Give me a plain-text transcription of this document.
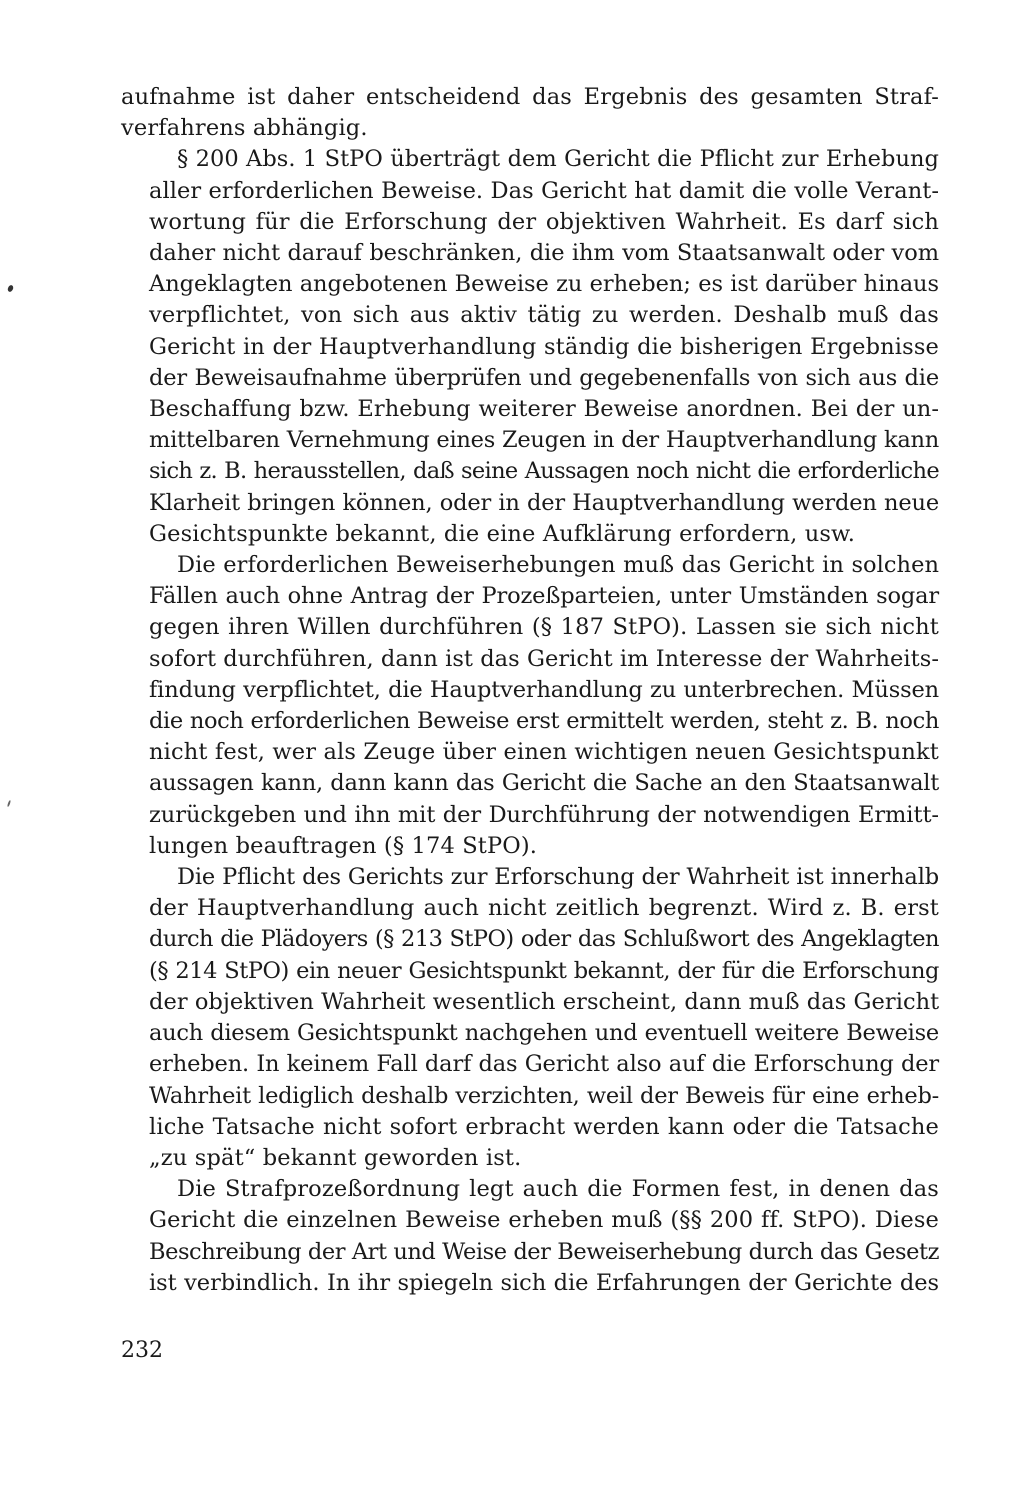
aufnahme ist daher entscheidend das Ergebnis des gesamten Straf-
verfahrens abhängig.
§ 200 Abs. 1 StPO überträgt dem Gericht die Pflicht zur Erhebung
aller erforderlichen Beweise. Das Gericht hat damit die volle Verant-
wortung für die Erforschung der objektiven Wahrheit. Es darf sich
daher nicht darauf beschränken, die ihm vom Staatsanwalt oder vom
Angeklagten angebotenen Beweise zu erheben; es ist darüber hinaus
verpflichtet, von sich aus aktiv tätig zu werden. Deshalb muß das
Gericht in der Hauptverhandlung ständig die bisherigen Ergebnisse
der Beweisaufnahme überprüfen und gegebenenfalls von sich aus die
Beschaffung bzw. Erhebung weiterer Beweise anordnen. Bei der un-
mittelbaren Vernehmung eines Zeugen in der Hauptverhandlung kann
sich z. B. herausstellen, daß seine Aussagen noch nicht die erforderliche
Klarheit bringen können, oder in der Hauptverhandlung werden neue
Gesichtspunkte bekannt, die eine Aufklärung erfordern, usw.
Die erforderlichen Beweiserhebungen muß das Gericht in solchen
Fällen auch ohne Antrag der Prozeßparteien, unter Umständen sogar
gegen ihren Willen durchführen (§ 187 StPO). Lassen sie sich nicht
sofort durchführen, dann ist das Gericht im Interesse der Wahrheits-
findung verpflichtet, die Hauptverhandlung zu unterbrechen. Müssen
die noch erforderlichen Beweise erst ermittelt werden, steht z. B. noch
nicht fest, wer als Zeuge über einen wichtigen neuen Gesichtspunkt
aussagen kann, dann kann das Gericht die Sache an den Staatsanwalt
zurückgeben und ihn mit der Durchführung der notwendigen Ermitt-
lungen beauftragen (§ 174 StPO).
Die Pflicht des Gerichts zur Erforschung der Wahrheit ist innerhalb
der Hauptverhandlung auch nicht zeitlich begrenzt. Wird z. B. erst
durch die Plädoyers (§ 213 StPO) oder das Schlußwort des Angeklagten
(§ 214 StPO) ein neuer Gesichtspunkt bekannt, der für die Erforschung
der objektiven Wahrheit wesentlich erscheint, dann muß das Gericht
auch diesem Gesichtspunkt nachgehen und eventuell weitere Beweise
erheben. In keinem Fall darf das Gericht also auf die Erforschung der
Wahrheit lediglich deshalb verzichten, weil der Beweis für eine erheb-
liche Tatsache nicht sofort erbracht werden kann oder die Tatsache
„zu spät“ bekannt geworden ist.
Die Strafprozeßordnung legt auch die Formen fest, in denen das
Gericht die einzelnen Beweise erheben muß (§§ 200 ff. StPO). Diese
Beschreibung der Art und Weise der Beweiserhebung durch das Gesetz
ist verbindlich. In ihr spiegeln sich die Erfahrungen der Gerichte des
232
